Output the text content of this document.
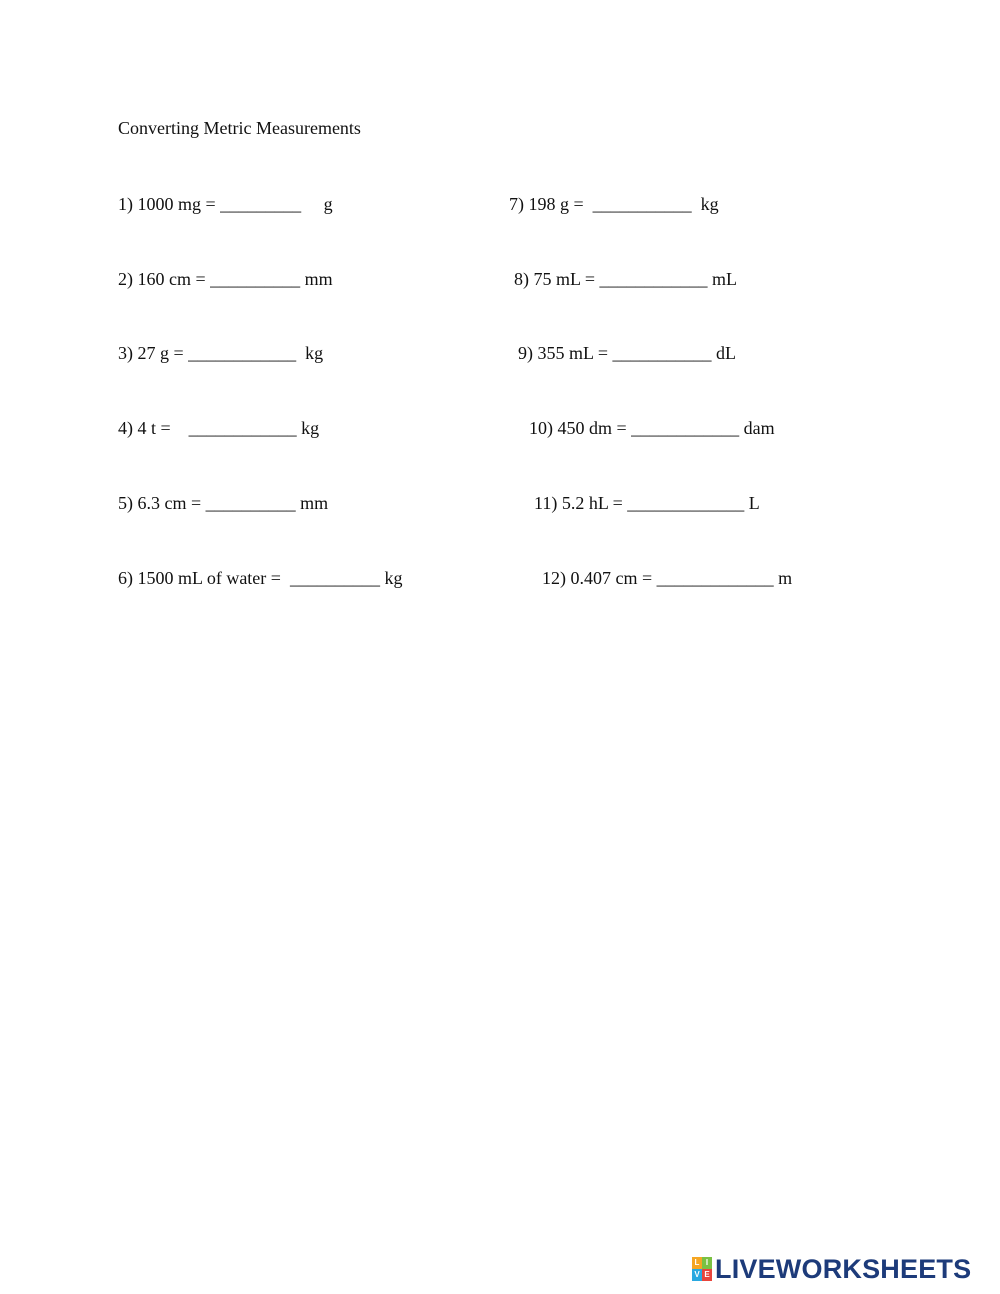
Converting Metric Measurements
1) 1000 mg = _________     g
2) 160 cm = __________ mm
3) 27 g = ____________  kg
4) 4 t =    ____________ kg
5) 6.3 cm = __________ mm
6) 1500 mL of water =  __________ kg
7) 198 g =  ___________  kg
8) 75 mL = ____________ mL
9) 355 mL = ___________ dL
10) 450 dm = ____________ dam
11) 5.2 hL = _____________ L
12) 0.407 cm = _____________ m
L I
V E LIVEWORKSHEETS
